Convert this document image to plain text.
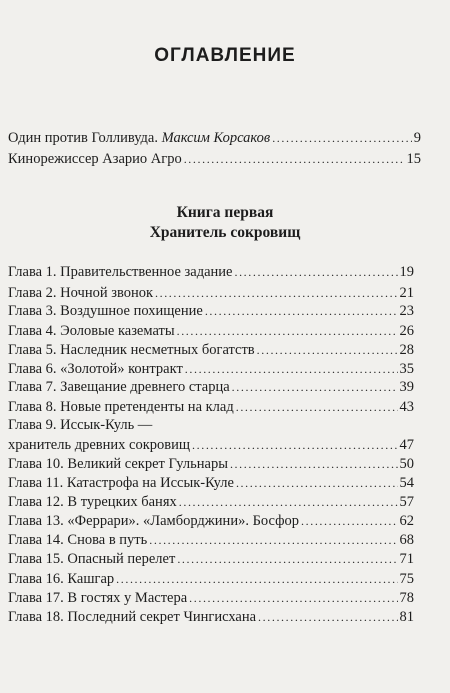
ОГЛАВЛЕНИЕ
Один против Голливуда. Максим Корсаков .....	9
Кинорежиссер Азарио Агро .....	15
Книга первая
Хранитель сокровищ
Глава 1. Правительственное задание .....	19
Глава 2. Ночной звонок .....	21
Глава 3. Воздушное похищение .....	23
Глава 4. Эоловые казематы .....	26
Глава 5. Наследник несметных богатств .....	28
Глава 6. «Золотой» контракт .....	35
Глава 7. Завещание древнего старца .....	39
Глава 8. Новые претенденты на клад .....	43
Глава 9. Иссык-Куль —
хранитель древних сокровищ .....	47
Глава 10. Великий секрет Гульнары .....	50
Глава 11. Катастрофа на Иссык-Куле .....	54
Глава 12. В турецких банях .....	57
Глава 13. «Феррари». «Ламборджини». Босфор .....	62
Глава 14. Снова в путь .....	68
Глава 15. Опасный перелет .....	71
Глава 16. Кашгар .....	75
Глава 17. В гостях у Мастера .....	78
Глава 18. Последний секрет Чингисхана .....	81
